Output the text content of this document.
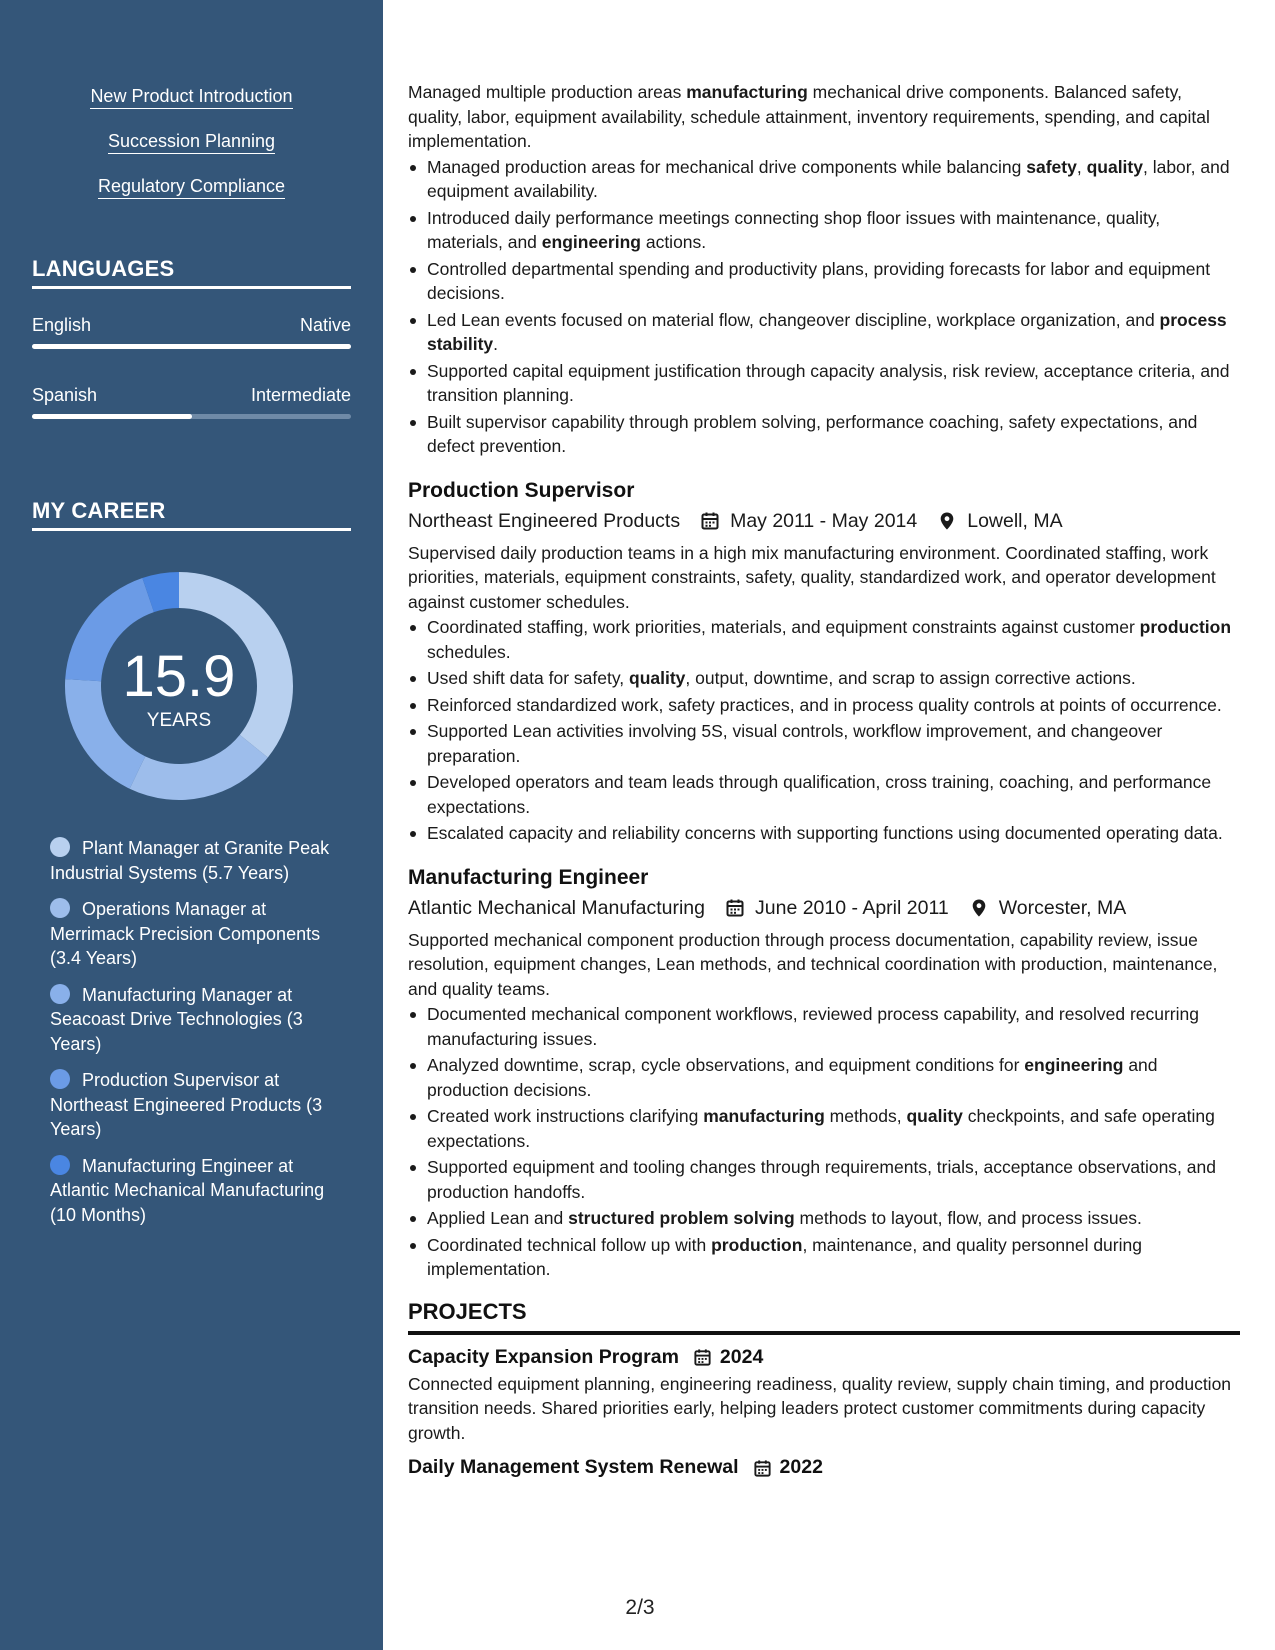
New Product Introduction
Succession Planning
Regulatory Compliance
LANGUAGES
English	Native
Spanish	Intermediate
MY CAREER
15.9
YEARS
Plant Manager at Granite Peak Industrial Systems (5.7 Years)
Operations Manager at Merrimack Precision Components (3.4 Years)
Manufacturing Manager at Seacoast Drive Technologies (3 Years)
Production Supervisor at Northeast Engineered Products (3 Years)
Manufacturing Engineer at Atlantic Mechanical Manufacturing (10 Months)

Managed multiple production areas manufacturing mechanical drive components. Balanced safety, quality, labor, equipment availability, schedule attainment, inventory requirements, spending, and capital implementation.

Managed production areas for mechanical drive components while balancing safety, quality, labor, and equipment availability.
Introduced daily performance meetings connecting shop floor issues with maintenance, quality, materials, and engineering actions.
Controlled departmental spending and productivity plans, providing forecasts for labor and equipment decisions.
Led Lean events focused on material flow, changeover discipline, workplace organization, and process stability.
Supported capital equipment justification through capacity analysis, risk review, acceptance criteria, and transition planning.
Built supervisor capability through problem solving, performance coaching, safety expectations, and defect prevention.
Production Supervisor
Northeast Engineered Products	May 2011 - May 2014	Lowell, MA

Supervised daily production teams in a high mix manufacturing environment. Coordinated staffing, work priorities, materials, equipment constraints, safety, quality, standardized work, and operator development against customer schedules.

Coordinated staffing, work priorities, materials, and equipment constraints against customer production schedules.
Used shift data for safety, quality, output, downtime, and scrap to assign corrective actions.
Reinforced standardized work, safety practices, and in process quality controls at points of occurrence.
Supported Lean activities involving 5S, visual controls, workflow improvement, and changeover preparation.
Developed operators and team leads through qualification, cross training, coaching, and performance expectations.
Escalated capacity and reliability concerns with supporting functions using documented operating data.
Manufacturing Engineer
Atlantic Mechanical Manufacturing	June 2010 - April 2011	Worcester, MA

Supported mechanical component production through process documentation, capability review, issue resolution, equipment changes, Lean methods, and technical coordination with production, maintenance, and quality teams.

Documented mechanical component workflows, reviewed process capability, and resolved recurring manufacturing issues.
Analyzed downtime, scrap, cycle observations, and equipment conditions for engineering and production decisions.
Created work instructions clarifying manufacturing methods, quality checkpoints, and safe operating expectations.
Supported equipment and tooling changes through requirements, trials, acceptance observations, and production handoffs.
Applied Lean and structured problem solving methods to layout, flow, and process issues.
Coordinated technical follow up with production, maintenance, and quality personnel during implementation.
PROJECTS
Capacity Expansion Program 2024

Connected equipment planning, engineering readiness, quality review, supply chain timing, and production transition needs. Shared priorities early, helping leaders protect customer commitments during capacity growth.

Daily Management System Renewal 2022
2/3
